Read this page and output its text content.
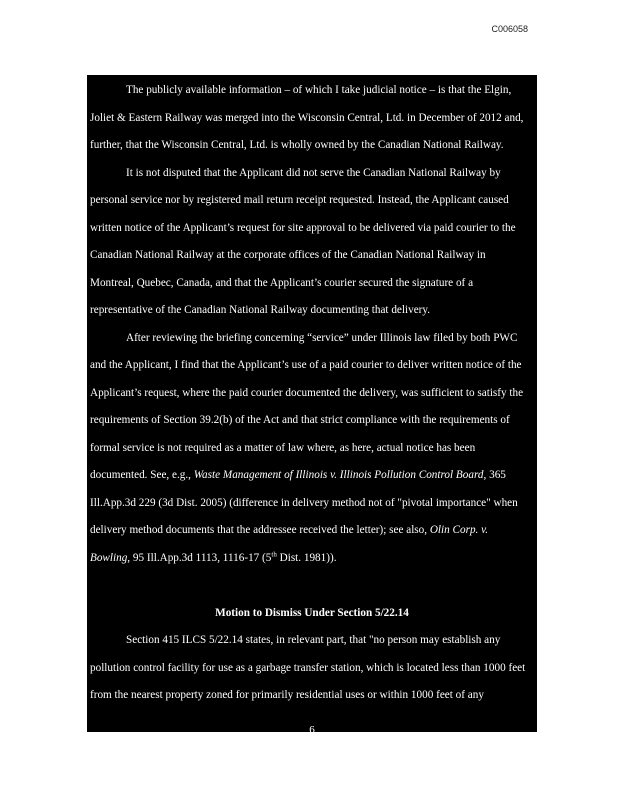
C006058

The publicly available information – of which I take judicial notice – is that the Elgin,
Joliet & Eastern Railway was merged into the Wisconsin Central, Ltd. in December of 2012 and,
further, that the Wisconsin Central, Ltd. is wholly owned by the Canadian National Railway.

It is not disputed that the Applicant did not serve the Canadian National Railway by
personal service nor by registered mail return receipt requested. Instead, the Applicant caused
written notice of the Applicant’s request for site approval to be delivered via paid courier to the
Canadian National Railway at the corporate offices of the Canadian National Railway in
Montreal, Quebec, Canada, and that the Applicant’s courier secured the signature of a
representative of the Canadian National Railway documenting that delivery.

After reviewing the briefing concerning “service” under Illinois law filed by both PWC
and the Applicant, I find that the Applicant’s use of a paid courier to deliver written notice of the
Applicant’s request, where the paid courier documented the delivery, was sufficient to satisfy the
requirements of Section 39.2(b) of the Act and that strict compliance with the requirements of
formal service is not required as a matter of law where, as here, actual notice has been
documented. See, e.g., Waste Management of Illinois v. Illinois Pollution Control Board, 365
Ill.App.3d 229 (3d Dist. 2005) (difference in delivery method not of "pivotal importance" when
delivery method documents that the addressee received the letter); see also, Olin Corp. v.
Bowling, 95 Ill.App.3d 1113, 1116-17 (5th Dist. 1981)).

Motion to Dismiss Under Section 5/22.14

Section 415 ILCS 5/22.14 states, in relevant part, that "no person may establish any
pollution control facility for use as a garbage transfer station, which is located less than 1000 feet
from the nearest property zoned for primarily residential uses or within 1000 feet of any

6
